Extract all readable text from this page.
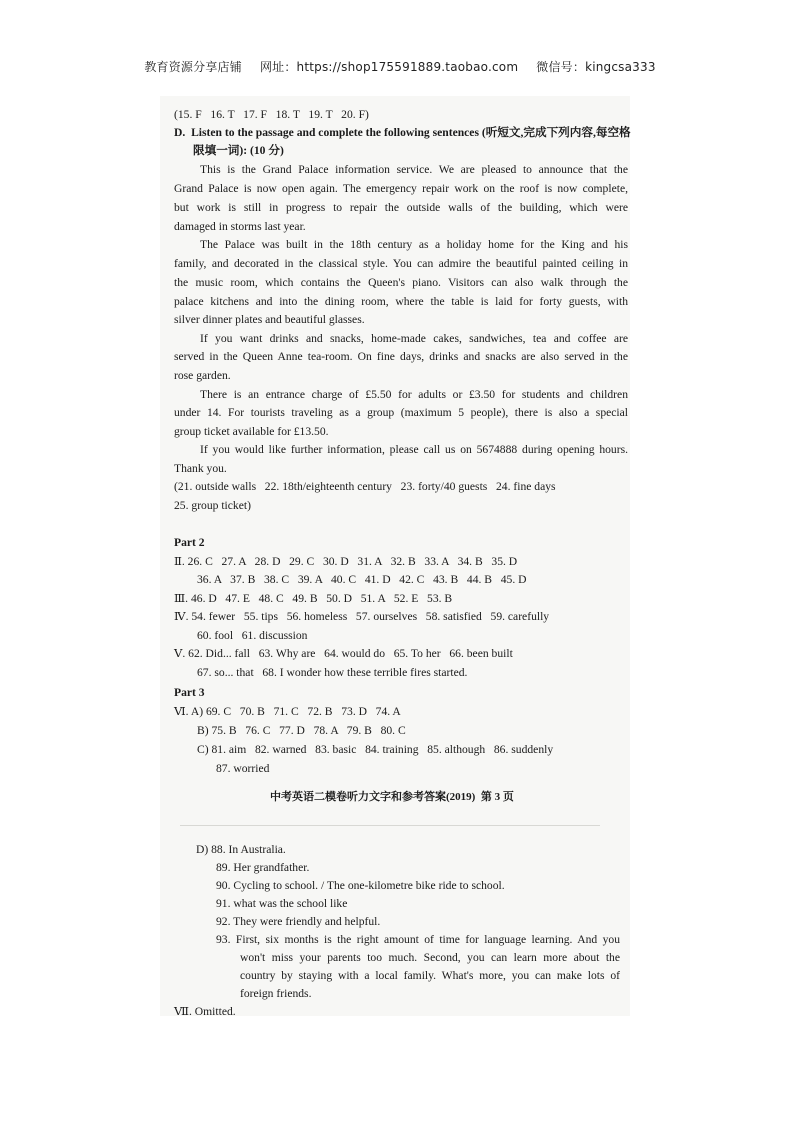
教育资源分享店铺 网址：https://shop175591889.taobao.com 微信号：kingcsa333
(15. F   16. T   17. F   18. T   19. T   20. F)
D.  Listen to the passage and complete the following sentences (听短文,完成下列内容,每空格
限填一词): (10 分)
This is the Grand Palace information service. We are pleased to announce that the
Grand Palace is now open again. The emergency repair work on the roof is now complete,
but work is still in progress to repair the outside walls of the building, which were
damaged in storms last year.
The Palace was built in the 18th century as a holiday home for the King and his
family, and decorated in the classical style. You can admire the beautiful painted ceiling in
the music room, which contains the Queen's piano. Visitors can also walk through the
palace kitchens and into the dining room, where the table is laid for forty guests, with
silver dinner plates and beautiful glasses.
If you want drinks and snacks, home-made cakes, sandwiches, tea and coffee are
served in the Queen Anne tea-room. On fine days, drinks and snacks are also served in the
rose garden.
There is an entrance charge of £5.50 for adults or £3.50 for students and children
under 14. For tourists traveling as a group (maximum 5 people), there is also a special
group ticket available for £13.50.
If you would like further information, please call us on 5674888 during opening hours.
Thank you.
(21. outside walls   22. 18th/eighteenth century   23. forty/40 guests   24. fine days
25. group ticket)
Part 2
Ⅱ. 26. C   27. A   28. D   29. C   30. D   31. A   32. B   33. A   34. B   35. D
36. A   37. B   38. C   39. A   40. C   41. D   42. C   43. B   44. B   45. D
Ⅲ. 46. D   47. E   48. C   49. B   50. D   51. A   52. E   53. B
Ⅳ. 54. fewer   55. tips   56. homeless   57. ourselves   58. satisfied   59. carefully
60. fool   61. discussion
Ⅴ. 62. Did... fall   63. Why are   64. would do   65. To her   66. been built
67. so... that   68. I wonder how these terrible fires started.
Part 3
Ⅵ. A) 69. C   70. B   71. C   72. B   73. D   74. A
B) 75. B   76. C   77. D   78. A   79. B   80. C
C) 81. aim   82. warned   83. basic   84. training   85. although   86. suddenly
87. worried
中考英语二模卷听力文字和参考答案(2019)  第 3 页
D) 88. In Australia.
89. Her grandfather.
90. Cycling to school. / The one-kilometre bike ride to school.
91. what was the school like
92. They were friendly and helpful.
93. First, six months is the right amount of time for language learning. And you
won't miss your parents too much. Second, you can learn more about the
country by staying with a local family. What's more, you can make lots of
foreign friends.
Ⅶ. Omitted.
